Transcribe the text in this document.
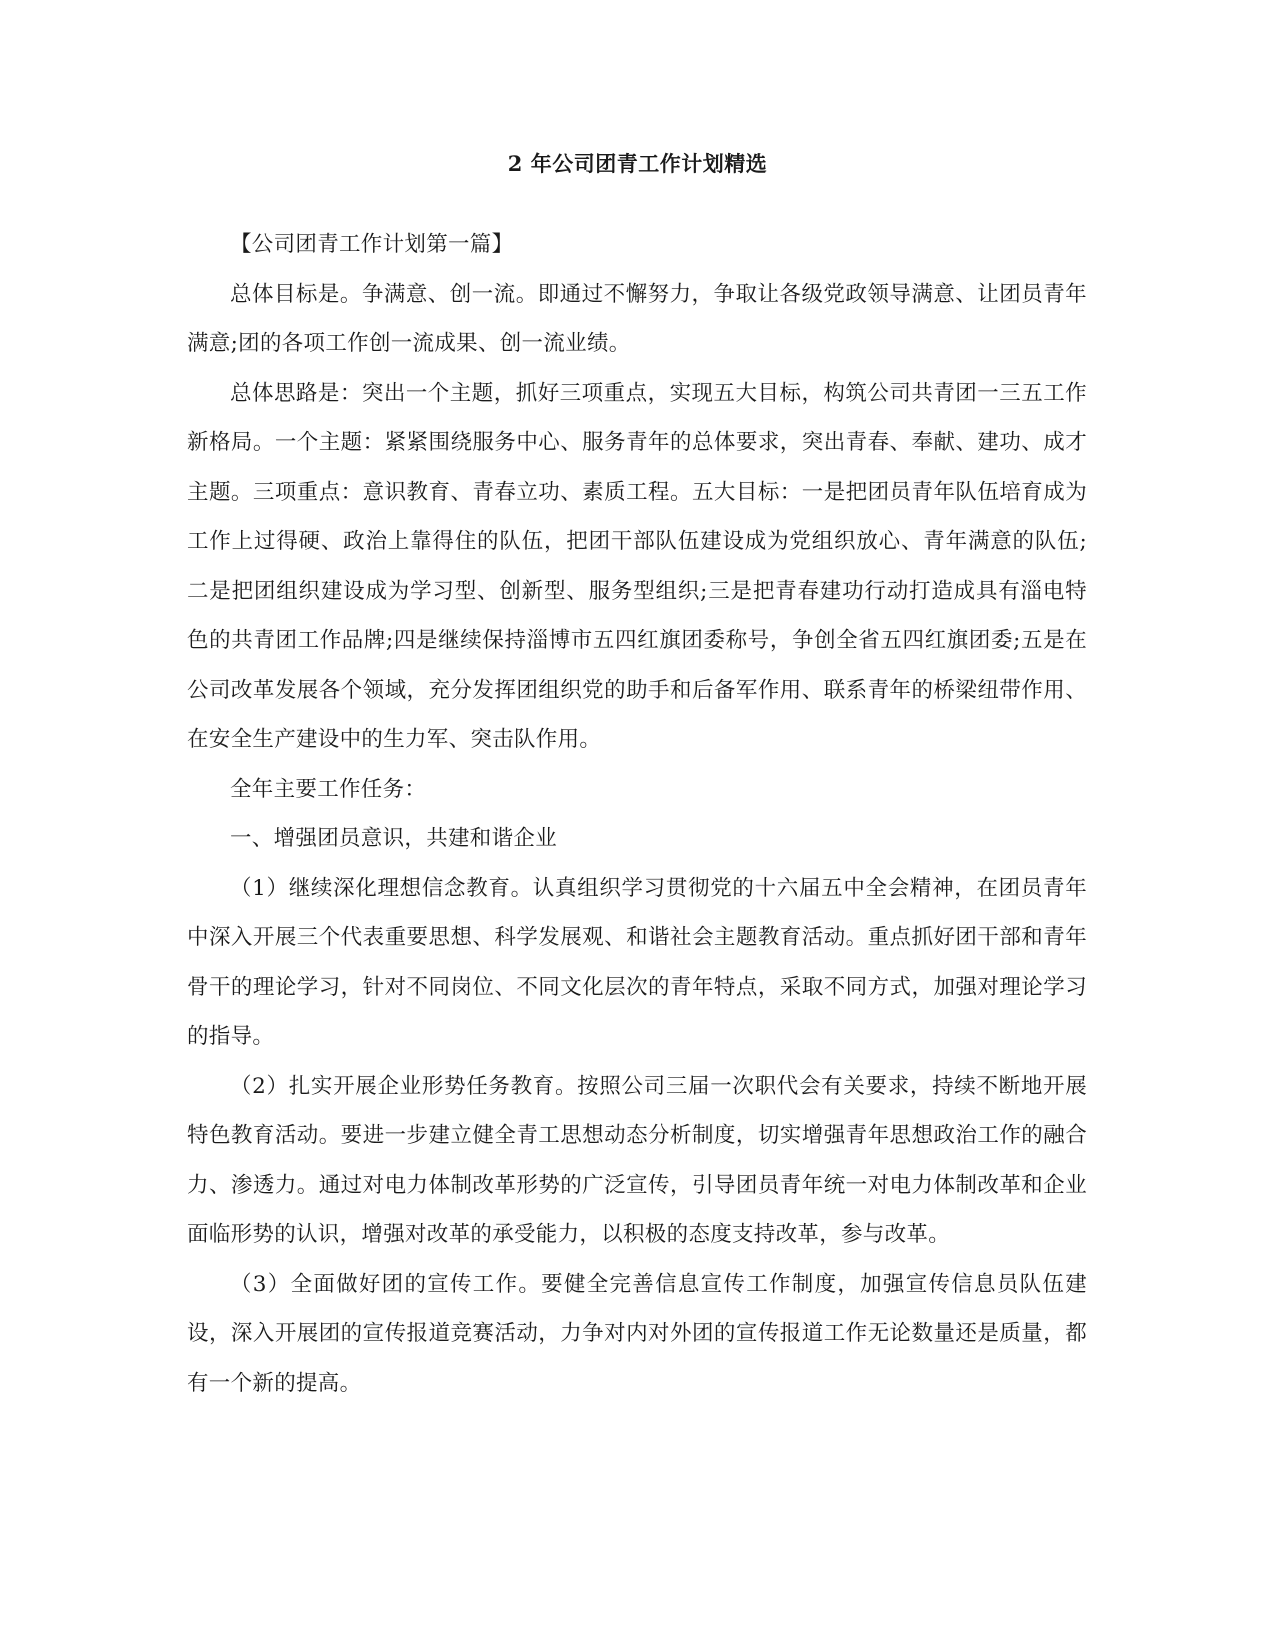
2 年公司团青工作计划精选

【公司团青工作计划第一篇】

总体目标是。争满意、创一流。即通过不懈努力，争取让各级党政领导满意、让团员青年满意;团的各项工作创一流成果、创一流业绩。

总体思路是：突出一个主题，抓好三项重点，实现五大目标，构筑公司共青团一三五工作新格局。一个主题：紧紧围绕服务中心、服务青年的总体要求，突出青春、奉献、建功、成才主题。三项重点：意识教育、青春立功、素质工程。五大目标：一是把团员青年队伍培育成为工作上过得硬、政治上靠得住的队伍，把团干部队伍建设成为党组织放心、青年满意的队伍;二是把团组织建设成为学习型、创新型、服务型组织;三是把青春建功行动打造成具有淄电特色的共青团工作品牌;四是继续保持淄博市五四红旗团委称号，争创全省五四红旗团委;五是在公司改革发展各个领域，充分发挥团组织党的助手和后备军作用、联系青年的桥梁纽带作用、在安全生产建设中的生力军、突击队作用。

全年主要工作任务：

一、增强团员意识，共建和谐企业

（1）继续深化理想信念教育。认真组织学习贯彻党的十六届五中全会精神，在团员青年中深入开展三个代表重要思想、科学发展观、和谐社会主题教育活动。重点抓好团干部和青年骨干的理论学习，针对不同岗位、不同文化层次的青年特点，采取不同方式，加强对理论学习的指导。

（2）扎实开展企业形势任务教育。按照公司三届一次职代会有关要求，持续不断地开展特色教育活动。要进一步建立健全青工思想动态分析制度，切实增强青年思想政治工作的融合力、渗透力。通过对电力体制改革形势的广泛宣传，引导团员青年统一对电力体制改革和企业面临形势的认识，增强对改革的承受能力，以积极的态度支持改革，参与改革。

（3）全面做好团的宣传工作。要健全完善信息宣传工作制度，加强宣传信息员队伍建设，深入开展团的宣传报道竞赛活动，力争对内对外团的宣传报道工作无论数量还是质量，都有一个新的提高。
